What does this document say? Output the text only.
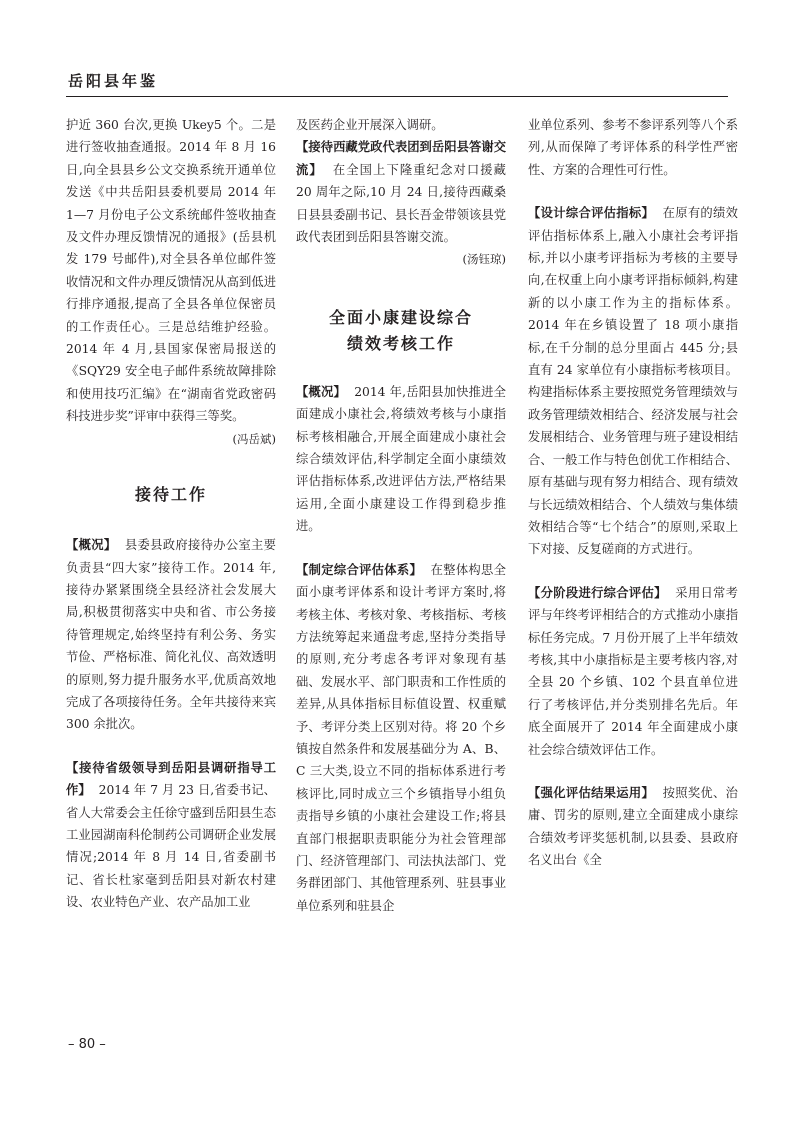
岳阳县年鉴

护近 360 台次,更换 Ukey5 个。二是进行签收抽查通报。2014 年 8 月 16 日,向全县县乡公文交换系统开通单位发送《中共岳阳县委机要局 2014 年 1—7 月份电子公文系统邮件签收抽查及文件办理反馈情况的通报》(岳县机发 179 号邮件),对全县各单位邮件签收情况和文件办理反馈情况从高到低进行排序通报,提高了全县各单位保密员的工作责任心。三是总结维护经验。2014 年 4 月,县国家保密局报送的《SQY29 安全电子邮件系统故障排除和使用技巧汇编》在“湖南省党政密码科技进步奖”评审中获得三等奖。

(冯岳斌)

接待工作

【概况】 县委县政府接待办公室主要负责县“四大家”接待工作。2014 年,接待办紧紧围绕全县经济社会发展大局,积极贯彻落实中央和省、市公务接待管理规定,始终坚持有利公务、务实节俭、严格标准、简化礼仪、高效透明的原则,努力提升服务水平,优质高效地完成了各项接待任务。全年共接待来宾 300 余批次。

【接待省级领导到岳阳县调研指导工作】 2014 年 7 月 23 日,省委书记、省人大常委会主任徐守盛到岳阳县生态工业园湖南科伦制药公司调研企业发展情况;2014 年 8 月 14 日,省委副书记、省长杜家毫到岳阳县对新农村建设、农业特色产业、农产品加工业

及医药企业开展深入调研。

【接待西藏党政代表团到岳阳县答谢交流】 在全国上下隆重纪念对口援藏 20 周年之际,10 月 24 日,接待西藏桑日县县委副书记、县长吾金带领该县党政代表团到岳阳县答谢交流。

(汤钰琼)

全面小康建设综合
绩效考核工作

【概况】 2014 年,岳阳县加快推进全面建成小康社会,将绩效考核与小康指标考核相融合,开展全面建成小康社会综合绩效评估,科学制定全面小康绩效评估指标体系,改进评估方法,严格结果运用,全面小康建设工作得到稳步推进。

【制定综合评估体系】 在整体构思全面小康考评体系和设计考评方案时,将考核主体、考核对象、考核指标、考核方法统筹起来通盘考虑,坚持分类指导的原则,充分考虑各考评对象现有基础、发展水平、部门职责和工作性质的差异,从具体指标目标值设置、权重赋予、考评分类上区别对待。将 20 个乡镇按自然条件和发展基础分为 A、B、C 三大类,设立不同的指标体系进行考核评比,同时成立三个乡镇指导小组负责指导乡镇的小康社会建设工作;将县直部门根据职责职能分为社会管理部门、经济管理部门、司法执法部门、党务群团部门、其他管理系列、驻县事业单位系列和驻县企

业单位系列、参考不参评系列等八个系列,从而保障了考评体系的科学性严密性、方案的合理性可行性。

【设计综合评估指标】 在原有的绩效评估指标体系上,融入小康社会考评指标,并以小康考评指标为考核的主要导向,在权重上向小康考评指标倾斜,构建新的以小康工作为主的指标体系。2014 年在乡镇设置了 18 项小康指标,在千分制的总分里面占 445 分;县直有 24 家单位有小康指标考核项目。构建指标体系主要按照党务管理绩效与政务管理绩效相结合、经济发展与社会发展相结合、业务管理与班子建设相结合、一般工作与特色创优工作相结合、原有基础与现有努力相结合、现有绩效与长远绩效相结合、个人绩效与集体绩效相结合等“七个结合”的原则,采取上下对接、反复磋商的方式进行。

【分阶段进行综合评估】 采用日常考评与年终考评相结合的方式推动小康指标任务完成。7 月份开展了上半年绩效考核,其中小康指标是主要考核内容,对全县 20 个乡镇、102 个县直单位进行了考核评估,并分类别排名先后。年底全面展开了 2014 年全面建成小康社会综合绩效评估工作。

【强化评估结果运用】 按照奖优、治庸、罚劣的原则,建立全面建成小康综合绩效考评奖惩机制,以县委、县政府名义出台《全

– 80 –
